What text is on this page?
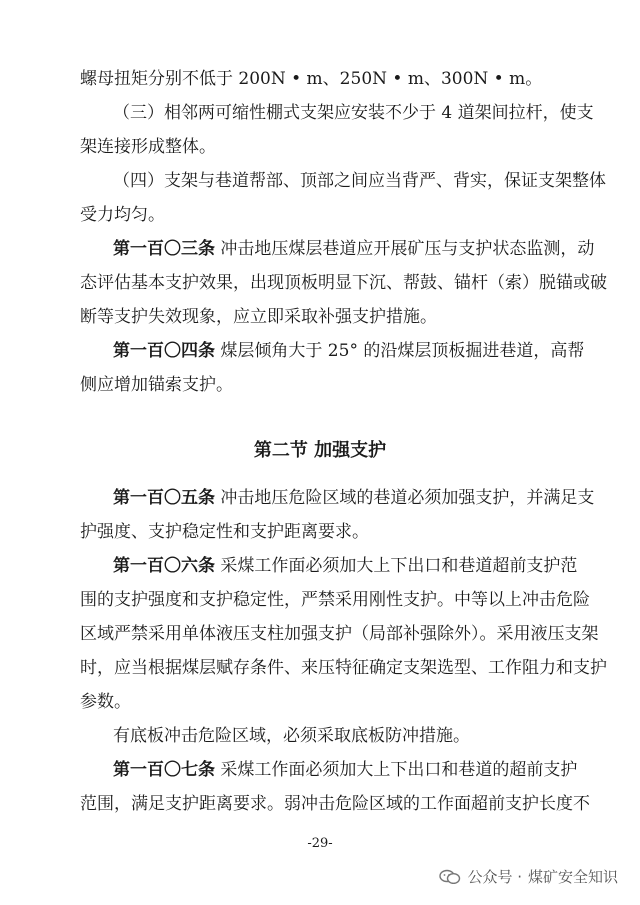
螺母扭矩分别不低于 200N • m、250N • m、300N • m。
（三）相邻两可缩性棚式支架应安装不少于 4 道架间拉杆，使支
架连接形成整体。
（四）支架与巷道帮部、顶部之间应当背严、背实，保证支架整体
受力均匀。
第一百〇三条 冲击地压煤层巷道应开展矿压与支护状态监测，动
态评估基本支护效果，出现顶板明显下沉、帮鼓、锚杆（索）脱锚或破
断等支护失效现象，应立即采取补强支护措施。
第一百〇四条 煤层倾角大于 25° 的沿煤层顶板掘进巷道，高帮
侧应增加锚索支护。
第二节 加强支护
第一百〇五条 冲击地压危险区域的巷道必须加强支护，并满足支
护强度、支护稳定性和支护距离要求。
第一百〇六条 采煤工作面必须加大上下出口和巷道超前支护范
围的支护强度和支护稳定性，严禁采用刚性支护。中等以上冲击危险
区域严禁采用单体液压支柱加强支护（局部补强除外）。采用液压支架
时，应当根据煤层赋存条件、来压特征确定支架选型、工作阻力和支护
参数。
有底板冲击危险区域，必须采取底板防冲措施。
第一百〇七条 采煤工作面必须加大上下出口和巷道的超前支护
范围，满足支护距离要求。弱冲击危险区域的工作面超前支护长度不
-29-
公众号 · 煤矿安全知识
